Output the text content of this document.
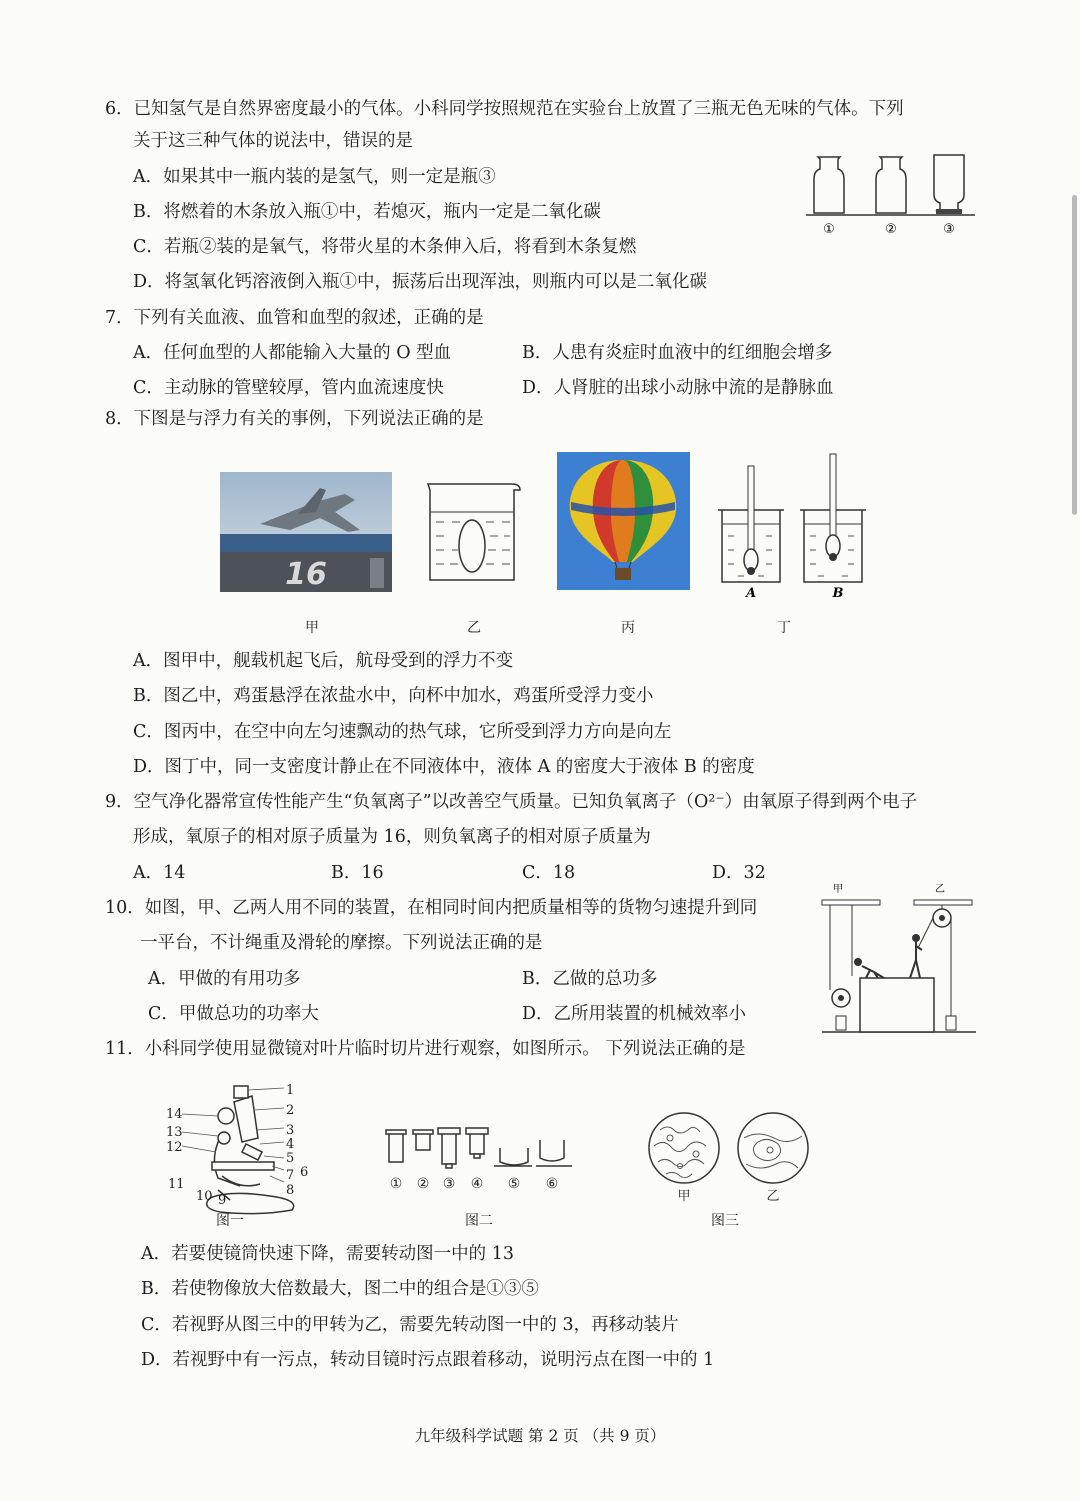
6．已知氢气是自然界密度最小的气体。小科同学按照规范在实验台上放置了三瓶无色无味的气体。下列
关于这三种气体的说法中，错误的是
A．如果其中一瓶内装的是氢气，则一定是瓶③
B．将燃着的木条放入瓶①中，若熄灭，瓶内一定是二氧化碳
C．若瓶②装的是氧气，将带火星的木条伸入后，将看到木条复燃
D．将氢氧化钙溶液倒入瓶①中，振荡后出现浑浊，则瓶内可以是二氧化碳
①	②	③
7．下列有关血液、血管和血型的叙述，正确的是
A．任何血型的人都能输入大量的 O 型血	B．人患有炎症时血液中的红细胞会增多
C．主动脉的管壁较厚，管内血流速度快	D．人肾脏的出球小动脉中流的是静脉血
8．下图是与浮力有关的事例，下列说法正确的是
16
A	B
甲	乙	丙	丁
A．图甲中，舰载机起飞后，航母受到的浮力不变
B．图乙中，鸡蛋悬浮在浓盐水中，向杯中加水，鸡蛋所受浮力变小
C．图丙中，在空中向左匀速飘动的热气球，它所受到浮力方向是向左
D．图丁中，同一支密度计静止在不同液体中，液体 A 的密度大于液体 B 的密度
9．空气净化器常宣传性能产生“负氧离子”以改善空气质量。已知负氧离子（O²⁻）由氧原子得到两个电子
形成，氧原子的相对原子质量为 16，则负氧离子的相对原子质量为
A．14	B．16	C．18	D．32
10．如图，甲、乙两人用不同的装置，在相同时间内把质量相等的货物匀速提升到同
一平台，不计绳重及滑轮的摩擦。下列说法正确的是
A．甲做的有用功多	B．乙做的总功多
C．甲做总功的功率大	D．乙所用装置的机械效率小
甲	乙
11．小科同学使用显微镜对叶片临时切片进行观察，如图所示。 下列说法正确的是
1
2
3
4
5
6
7
8
9
10
11
12
13
14
① ② ③ ④ ⑤ ⑥
甲	乙
图一	图二	图三
A．若要使镜筒快速下降，需要转动图一中的 13
B．若使物像放大倍数最大，图二中的组合是①③⑤
C．若视野从图三中的甲转为乙，需要先转动图一中的 3，再移动装片
D．若视野中有一污点，转动目镜时污点跟着移动，说明污点在图一中的 1
九年级科学试题 第 2 页 （共 9 页）
